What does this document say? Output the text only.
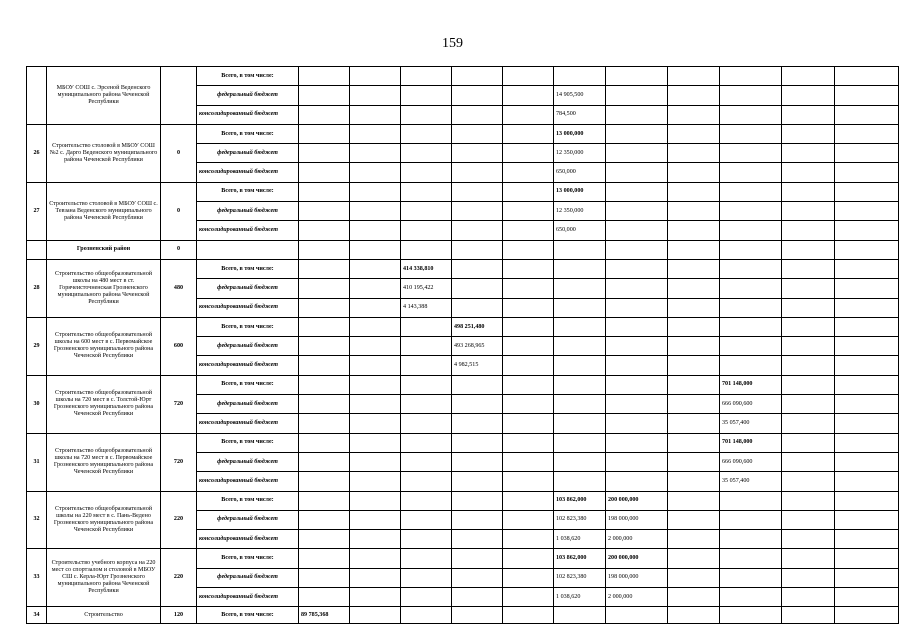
159
	МБОУ СОШ с. Эрсеной Веденского муниципального района Чеченской Республики		Всего, в том числе:											
			федеральный бюджет						14 905,500					
			консолидированный бюджет						784,500					
26	Строительство столовой в МБОУ СОШ №2 с. Дарго Веденского муниципального района Чеченской Республики	0	Всего, в том числе:						13 000,000					
			федеральный бюджет						12 350,000					
			консолидированный бюджет						650,000					
27	Строительство столовой в МБОУ СОШ с. Тевзана Веденского муниципального района Чеченской Республики	0	Всего, в том числе:						13 000,000					
			федеральный бюджет						12 350,000					
			консолидированный бюджет						650,000					
	Грозненский район	0												
28	Строительство общеобразовательной школы на 480 мест в ст. Горячеисточненская Грозненского муниципального района Чеченской Республики	480	Всего, в том числе:			414 338,810								
			федеральный бюджет			410 195,422								
			консолидированный бюджет			4 143,388								
29	Строительство общеобразовательной школы на 600 мест в с. Первомайское Грозненского муниципального района Чеченской Республики	600	Всего, в том числе:				498 251,480							
			федеральный бюджет				493 268,965							
			консолидированный бюджет				4 982,515							
30	Строительство общеобразовательной школы на 720 мест в с. Толстой-Юрт Грозненского муниципального района Чеченской Республики	720	Всего, в том числе:									701 148,000		
			федеральный бюджет									666 090,600		
			консолидированный бюджет									35 057,400		
31	Строительство общеобразовательной школы на 720 мест в с. Первомайское Грозненского муниципального района Чеченской Республики	720	Всего, в том числе:									701 148,000		
			федеральный бюджет									666 090,600		
			консолидированный бюджет									35 057,400		
32	Строительство общеобразовательной школы на 220 мест в с. Пань-Ведено Грозненского муниципального района Чеченской Республики	220	Всего, в том числе:						103 862,000	200 000,000				
			федеральный бюджет						102 823,380	198 000,000				
			консолидированный бюджет						1 038,620	2 000,000				
33	Строительство учебного корпуса на 220 мест со спортзалом и столовой в МБОУ СШ с. Керла-Юрт Грозненского муниципального района Чеченской Республики	220	Всего, в том числе:						103 862,000	200 000,000				
			федеральный бюджет						102 823,380	198 000,000				
			консолидированный бюджет						1 038,620	2 000,000				
34	Строительство	120	Всего, в том числе:	89 785,368										
